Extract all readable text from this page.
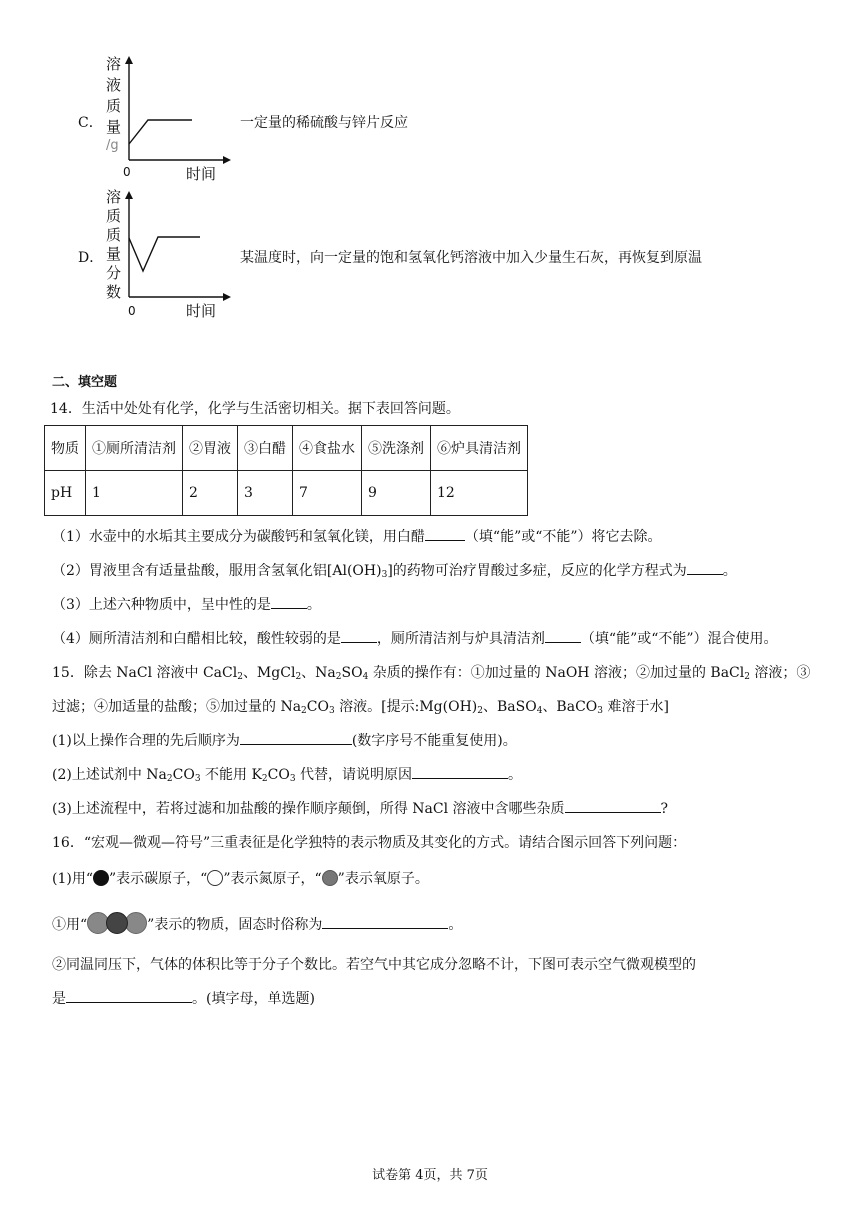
C．
溶
液
质
量
/g
0	时间
一定量的稀硫酸与锌片反应
D．
溶
质
质
量
分
数
0	时间
某温度时，向一定量的饱和氢氧化钙溶液中加入少量生石灰，再恢复到原温
二、填空题
14．生活中处处有化学，化学与生活密切相关。据下表回答问题。
物质	①厕所清洁剂	②胃液	③白醋	④食盐水	⑤洗涤剂	⑥炉具清洁剂
pH	1	2	3	7	9	12
（1）水壶中的水垢其主要成分为碳酸钙和氢氧化镁，用白醋	（填“能”或“不能”）将它去除。
（2）胃液里含有适量盐酸，服用含氢氧化铝$[Al(OH)_3]$的药物可治疗胃酸过多症，反应的化学方程式为	。
（3）上述六种物质中，呈中性的是	。
（4）厕所清洁剂和白醋相比较，酸性较弱的是	，厕所清洁剂与炉具清洁剂	（填“能”或“不能”）混合使用。
15．除去 NaCl 溶液中 CaCl$_2$、MgCl$_2$、$Na_2SO_4$ 杂质的操作有：①加过量的 NaOH 溶液；②加过量的 BaCl$_2$ 溶液；③
过滤；④加适量的盐酸；⑤加过量的 $Na_2CO_3$ 溶液。[提示$:Mg(OH)_2$、BaSO$_4$、BaCO$_3$ 难溶于水]
(1)以上操作合理的先后顺序为	(数字序号不能重复使用)。
(2)上述试剂中 $Na_2CO_3$ 不能用 $K_2CO_3$ 代替，请说明原因	。
(3)上述流程中，若将过滤和加盐酸的操作顺序颠倒，所得 NaCl 溶液中含哪些杂质	?
16．“宏观—微观—符号”三重表征是化学独特的表示物质及其变化的方式。请结合图示回答下列问题：
(1)用“ ”表示碳原子，“ ”表示氮原子，“ ”表示氧原子。
①用“	”表示的物质，固态时俗称为	。
②同温同压下，气体的体积比等于分子个数比。若空气中其它成分忽略不计，下图可表示空气微观模型的
是	。(填字母，单选题)
试卷第 4页，共 7页
